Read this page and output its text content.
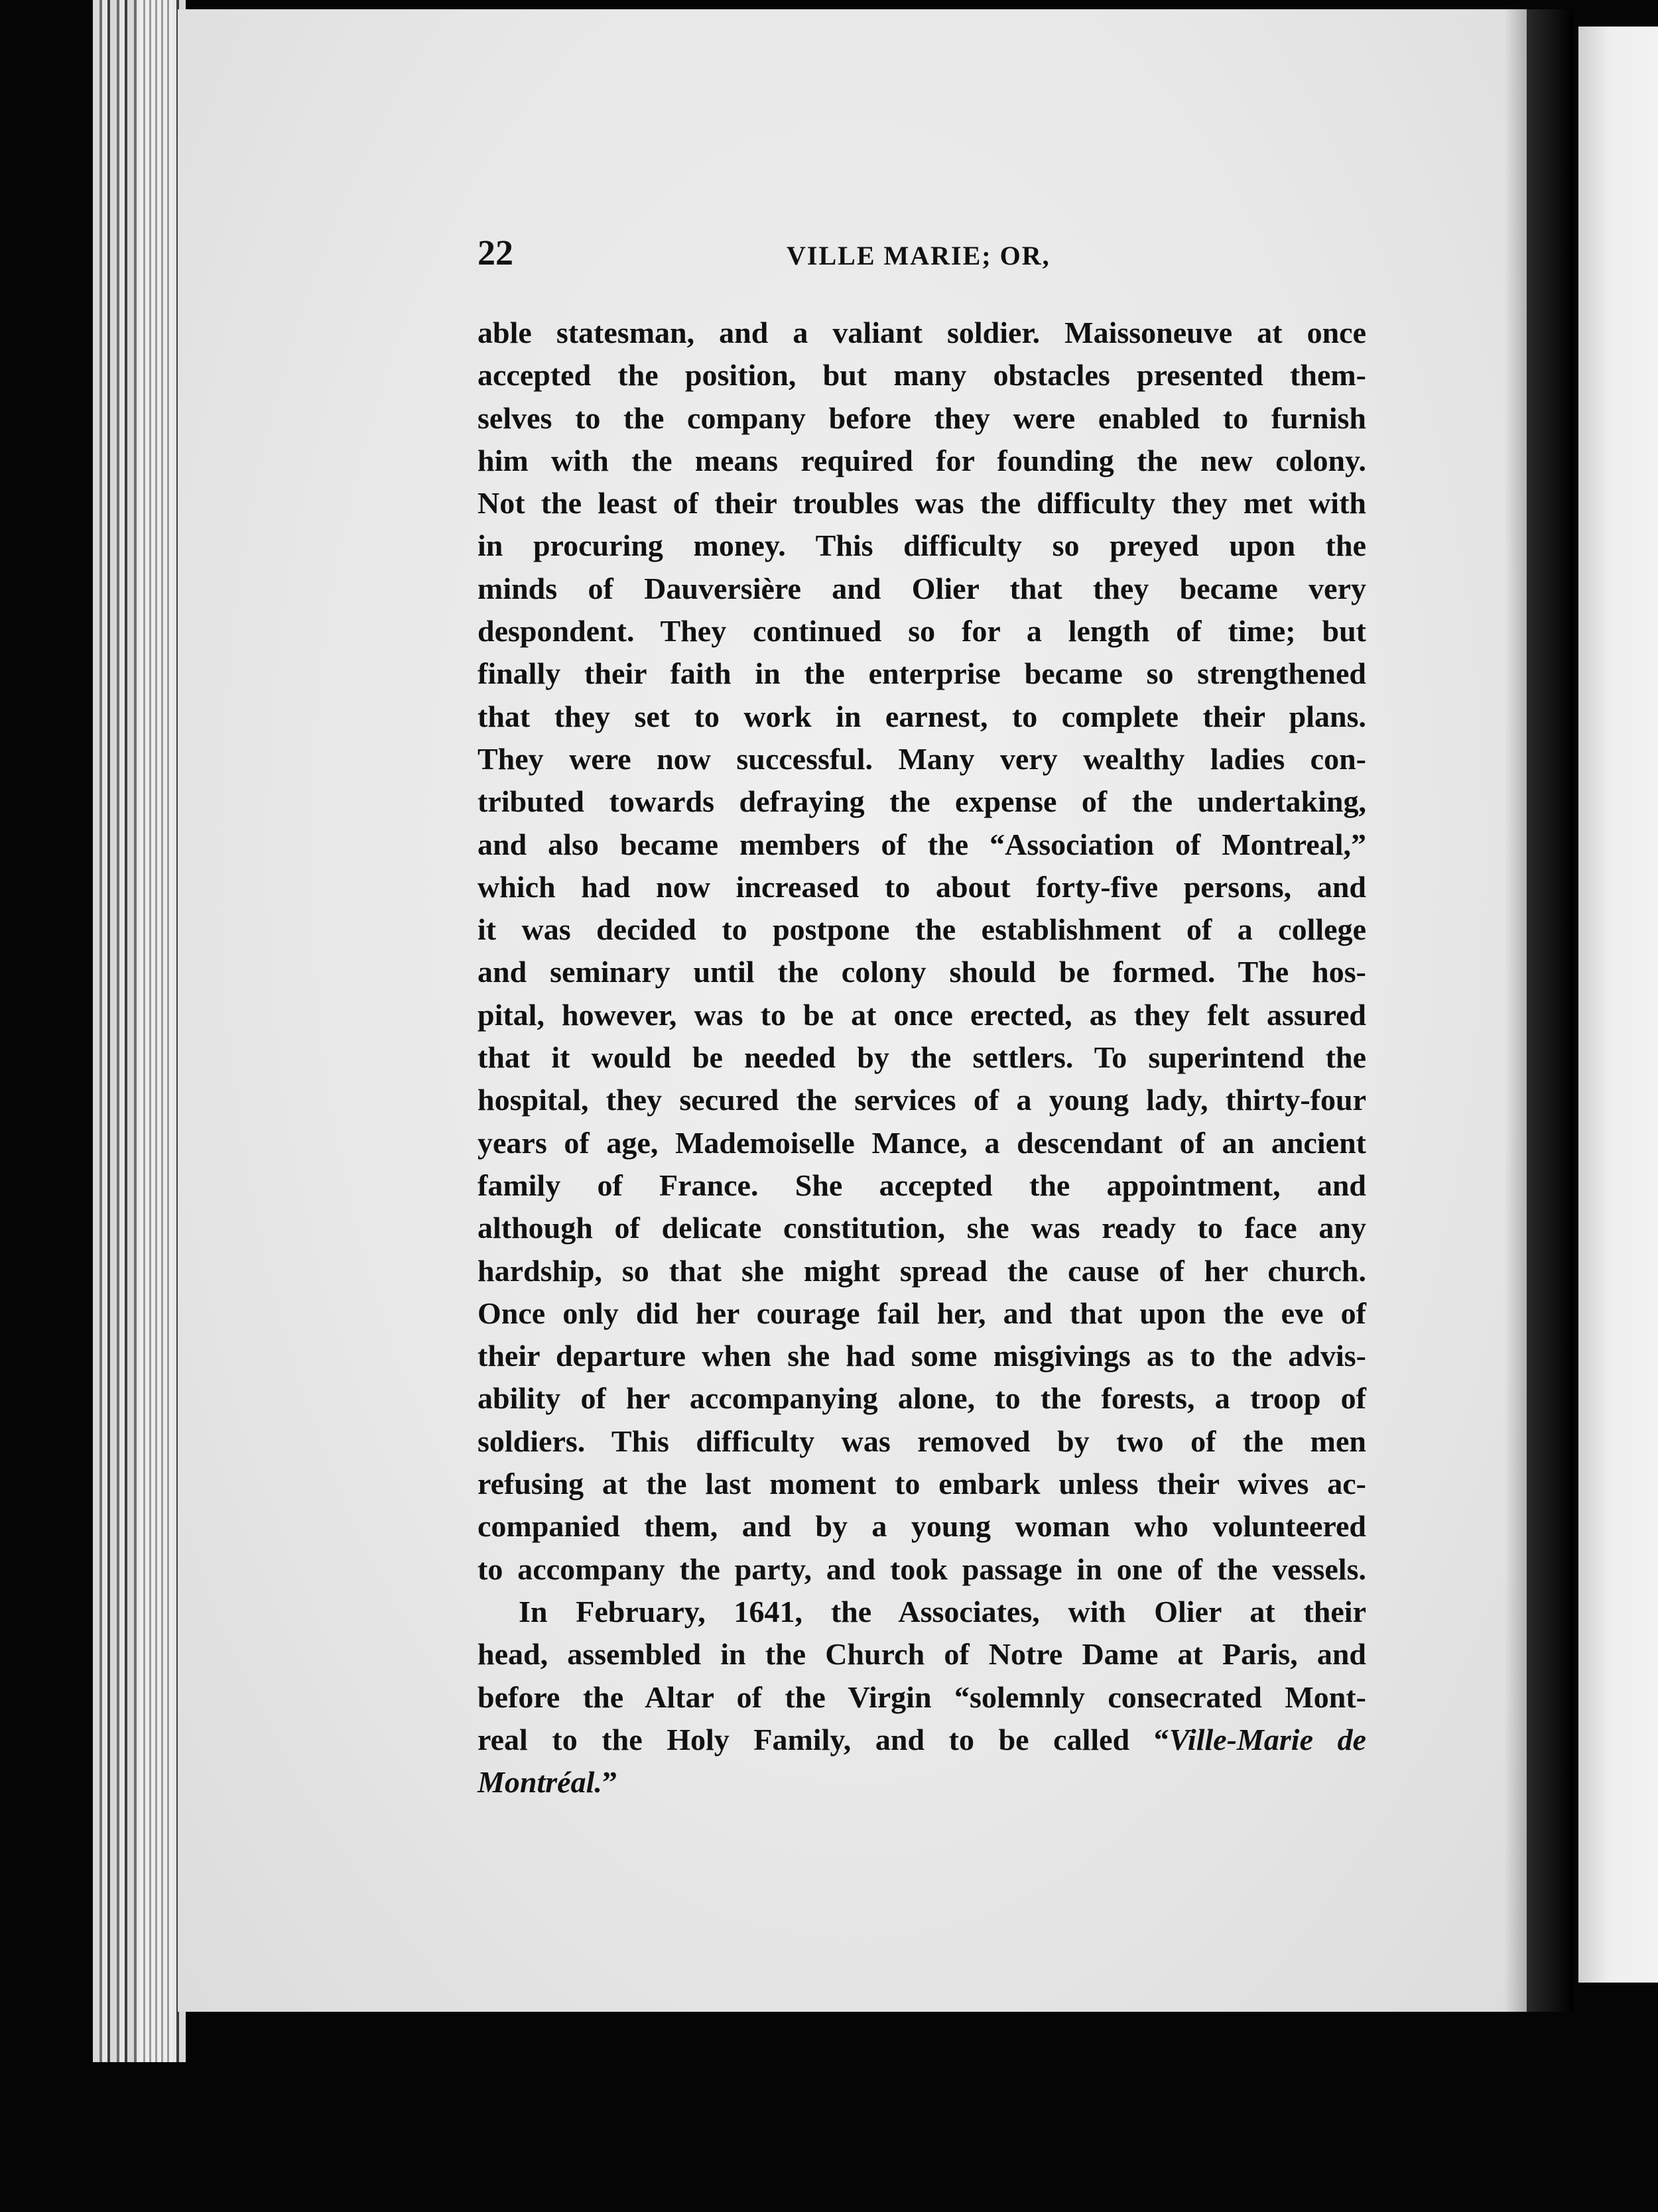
22	VILLE MARIE; OR,
able statesman, and a valiant soldier. Maissoneuve at once
accepted the position, but many obstacles presented them-
selves to the company before they were enabled to furnish
him with the means required for founding the new colony.
Not the least of their troubles was the difficulty they met with
in procuring money. This difficulty so preyed upon the
minds of Dauversière and Olier that they became very
despondent. They continued so for a length of time; but
finally their faith in the enterprise became so strengthened
that they set to work in earnest, to complete their plans.
They were now successful. Many very wealthy ladies con-
tributed towards defraying the expense of the undertaking,
and also became members of the “Association of Montreal,”
which had now increased to about forty-five persons, and
it was decided to postpone the establishment of a college
and seminary until the colony should be formed. The hos-
pital, however, was to be at once erected, as they felt assured
that it would be needed by the settlers. To superintend the
hospital, they secured the services of a young lady, thirty-four
years of age, Mademoiselle Mance, a descendant of an ancient
family of France. She accepted the appointment, and
although of delicate constitution, she was ready to face any
hardship, so that she might spread the cause of her church.
Once only did her courage fail her, and that upon the eve of
their departure when she had some misgivings as to the advis-
ability of her accompanying alone, to the forests, a troop of
soldiers. This difficulty was removed by two of the men
refusing at the last moment to embark unless their wives ac-
companied them, and by a young woman who volunteered
to accompany the party, and took passage in one of the vessels.
In February, 1641, the Associates, with Olier at their
head, assembled in the Church of Notre Dame at Paris, and
before the Altar of the Virgin “solemnly consecrated Mont-
real to the Holy Family, and to be called “Ville-Marie de
Montréal.”
